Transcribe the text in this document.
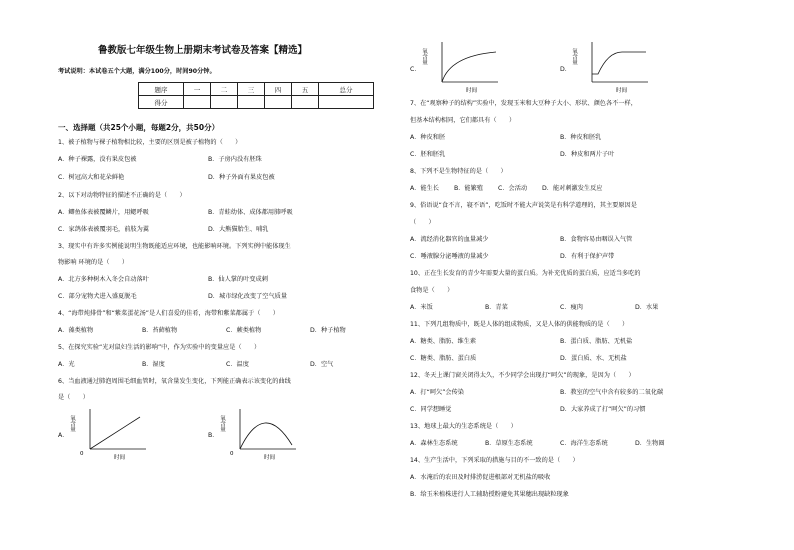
鲁教版七年级生物上册期末考试卷及答案【精选】
考试说明：本试卷五个大题，满分100分，时间90分钟。
题序	一	二	三	四	五	总分
得分						
一、选择题（共25个小题，每题2分，共50分）
1、被子植物与裸子植物相比较，主要的区别是被子植物的（　　）
A．种子裸露，没有果皮包被	B．子房内没有胚珠
C．树冠高大和花朵鲜艳	D．种子外面有果皮包被
2、以下对动物特征的描述不正确的是（　　）
A．鲫鱼体表被覆鳞片，用鳃呼吸	B．青蛙幼体、成体都用肺呼吸
C．家鸽体表被覆羽毛，前肢为翼	D．大熊猫胎生、哺乳
3、现实中有许多实例能说明生物既能适应环境，也能影响环境。下列实例中能体现生
物影响 环境的是（　　）
A．北方多种树木入冬会自动落叶	B．仙人掌的叶变成刺
C．部分宠物犬进入盛夏脱毛	D．城市绿化改变了空气质量
4、“海带炖排骨”和“紫菜蛋花汤”是人们喜爱的佳肴，海带和紫菜都属于（　　）
A．藻类植物	B．苔藓植物	C．蕨类植物	D．种子植物
5、在探究实验“光对鼠妇生活的影响”中，作为实验中的变量应是（　　）
A．光	B．湿度	C．温度	D．空气
6、当血液通过肺泡周围毛细血管时，氧含量发生变化，下列能正确表示该变化的曲线
是（　　）
A．
氧含量
0
时间
B．
氧含量
0
时间
C．
氧含量
时间
D．
氧含量
时间
7、在“观察种子的结构”实验中，发现玉米和大豆种子大小、形状、颜色各不一样，
但基本结构相同，它们都具有（　　）
A．种皮和胚	B．种皮和胚乳
C．胚和胚乳	D．种皮和两片子叶
8、下列不是生物特征的是（　　）
A．能生长 B．能繁殖 C．会活动 D．能对刺激发生反应
9、俗语说“食不言，寝不语”，吃饭时不能大声说笑是有科学道理的，其主要原因是
（　　）
A．流经消化器官的血量减少	B．食物容易由咽误入气管
C．唾液腺分泌唾液的量减少	D．有利于保护声带
10、正在生长发育的青少年需要大量的蛋白质。为补充优质的蛋白质，应适当多吃的
食物是（　　）
A．米饭	B．青菜	C．瘦肉	D．水果
11、下列几组物质中，既是人体的组成物质，又是人体的供能物质的是（　　）
A．糖类、脂肪、维生素	B．蛋白质、脂肪、无机盐
C．糖类、脂肪、蛋白质	D．蛋白质、水、无机盐
12、冬天上课门窗关闭得太久，不少同学会出现打“呵欠”的现象，是因为（　　）
A．打“呵欠”会传染	B．教室的空气中含有较多的二氧化碳
C．同学想睡觉	D．大家养成了打“呵欠”的习惯
13、地球上最大的生态系统是（　　）
A．森林生态系统	B．草原生态系统	C．海洋生态系统	D．生物圈
14、生产生活中，下列采取的措施与目的不一致的是（　　）
A．水淹后的农田及时排涝促进根部对无机盐的吸收
B．给玉米植株进行人工辅助授粉避免其果穗出现缺粒现象
